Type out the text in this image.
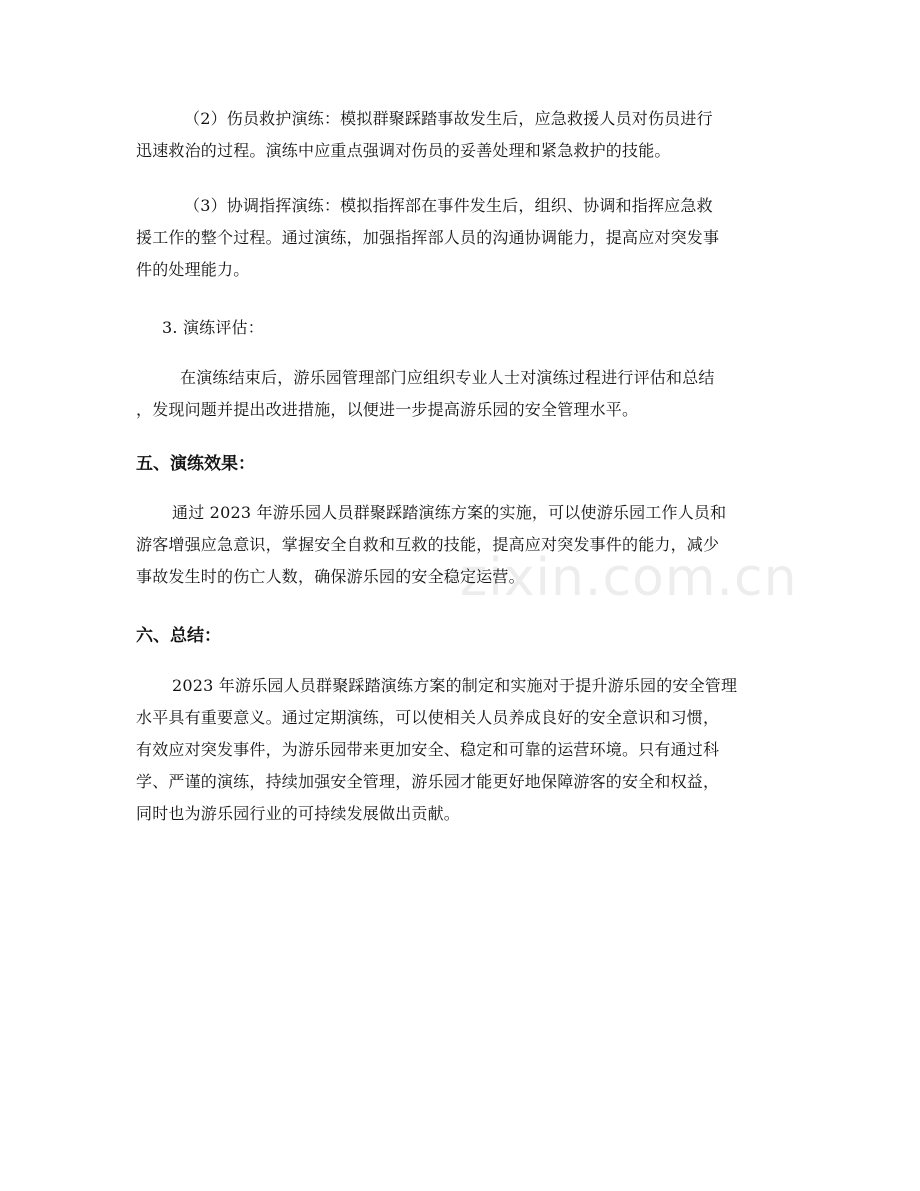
zixin.com.cn

（2）伤员救护演练：模拟群聚踩踏事故发生后，应急救援人员对伤员进行
迅速救治的过程。演练中应重点强调对伤员的妥善处理和紧急救护的技能。

（3）协调指挥演练：模拟指挥部在事件发生后，组织、协调和指挥应急救
援工作的整个过程。通过演练，加强指挥部人员的沟通协调能力，提高应对突发事
件的处理能力。

3. 演练评估：

在演练结束后，游乐园管理部门应组织专业人士对演练过程进行评估和总结
，发现问题并提出改进措施，以便进一步提高游乐园的安全管理水平。

五、演练效果：

通过 2023 年游乐园人员群聚踩踏演练方案的实施，可以使游乐园工作人员和
游客增强应急意识，掌握安全自救和互救的技能，提高应对突发事件的能力，减少
事故发生时的伤亡人数，确保游乐园的安全稳定运营。

六、总结：

2023 年游乐园人员群聚踩踏演练方案的制定和实施对于提升游乐园的安全管理
水平具有重要意义。通过定期演练，可以使相关人员养成良好的安全意识和习惯，
有效应对突发事件，为游乐园带来更加安全、稳定和可靠的运营环境。只有通过科
学、严谨的演练，持续加强安全管理，游乐园才能更好地保障游客的安全和权益，
同时也为游乐园行业的可持续发展做出贡献。
